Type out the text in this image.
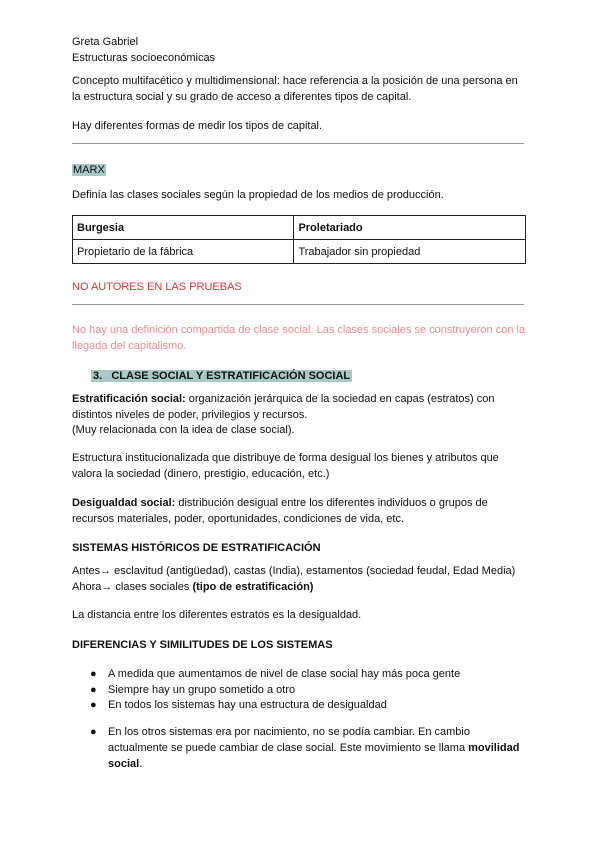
Greta Gabriel
Estructuras socioeconómicas
Concepto multifacético y multidimensional: hace referencia a la posición de una persona en la estructura social y su grado de acceso a diferentes tipos de capital.
Hay diferentes formas de medir los tipos de capital.
MARX
Definía las clases sociales según la propiedad de los medios de producción.
Burgesia	Proletariado
Propietario de la fábrica	Trabajador sin propiedad
NO AUTORES EN LAS PRUEBAS
No hay una definición compartida de clase social. Las clases sociales se construyeron con la llegada del capitalismo.
3. CLASE SOCIAL Y ESTRATIFICACIÓN SOCIAL
Estratificación social: organización jerárquica de la sociedad en capas (estratos) con distintos niveles de poder, privilegios y recursos.
(Muy relacionada con la idea de clase social).
Estructura institucionalizada que distribuye de forma desigual los bienes y atributos que valora la sociedad (dinero, prestigio, educación, etc.)
Desigualdad social: distribución desigual entre los diferentes individuos o grupos de recursos materiales, poder, oportunidades, condiciones de vida, etc.
SISTEMAS HISTÓRICOS DE ESTRATIFICACIÓN
Antes→ esclavitud (antigüedad), castas (India), estamentos (sociedad feudal, Edad Media)
Ahora→ clases sociales (tipo de estratificación)
La distancia entre los diferentes estratos es la desigualdad.
DIFERENCIAS Y SIMILITUDES DE LOS SISTEMAS
● A medida que aumentamos de nivel de clase social hay más poca gente
● Siempre hay un grupo sometido a otro
● En todos los sistemas hay una estructura de desigualdad
● En los otros sistemas era por nacimiento, no se podía cambiar. En cambio actualmente se puede cambiar de clase social. Este movimiento se llama movilidad social.
